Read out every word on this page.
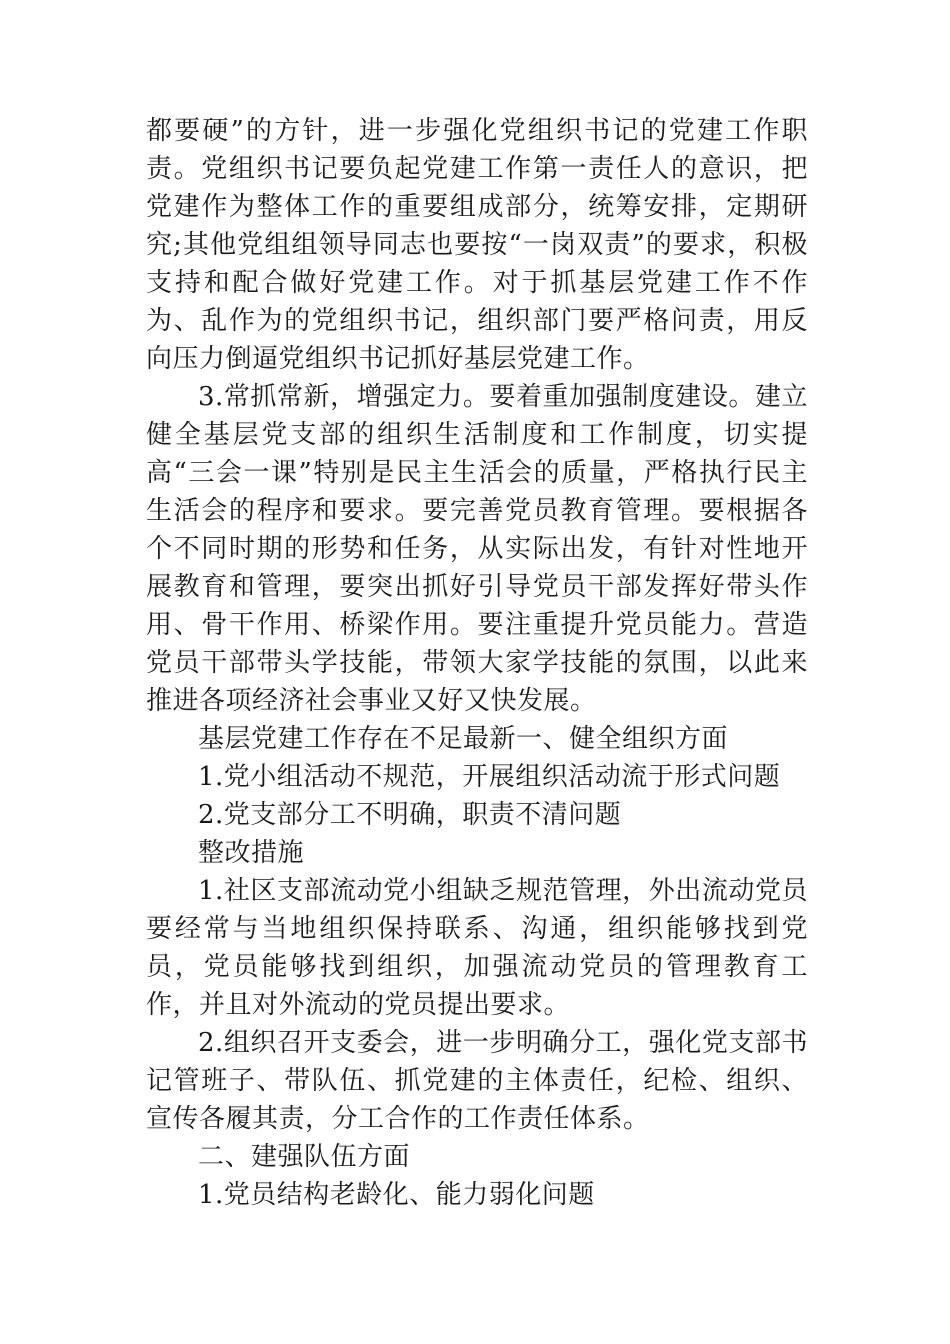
都要硬”的方针，进一步强化党组织书记的党建工作职责。党组织书记要负起党建工作第一责任人的意识，把党建作为整体工作的重要组成部分，统筹安排，定期研究;其他党组组领导同志也要按“一岗双责”的要求，积极支持和配合做好党建工作。对于抓基层党建工作不作为、乱作为的党组织书记，组织部门要严格问责，用反向压力倒逼党组织书记抓好基层党建工作。

3.常抓常新，增强定力。要着重加强制度建设。建立健全基层党支部的组织生活制度和工作制度，切实提高“三会一课”特别是民主生活会的质量，严格执行民主生活会的程序和要求。要完善党员教育管理。要根据各个不同时期的形势和任务，从实际出发，有针对性地开展教育和管理，要突出抓好引导党员干部发挥好带头作用、骨干作用、桥梁作用。要注重提升党员能力。营造党员干部带头学技能，带领大家学技能的氛围，以此来推进各项经济社会事业又好又快发展。

基层党建工作存在不足最新一、健全组织方面

1.党小组活动不规范，开展组织活动流于形式问题

2.党支部分工不明确，职责不清问题

整改措施

1.社区支部流动党小组缺乏规范管理，外出流动党员要经常与当地组织保持联系、沟通，组织能够找到党员，党员能够找到组织，加强流动党员的管理教育工作，并且对外流动的党员提出要求。

2.组织召开支委会，进一步明确分工，强化党支部书记管班子、带队伍、抓党建的主体责任，纪检、组织、宣传各履其责，分工合作的工作责任体系。

二、建强队伍方面

1.党员结构老龄化、能力弱化问题
